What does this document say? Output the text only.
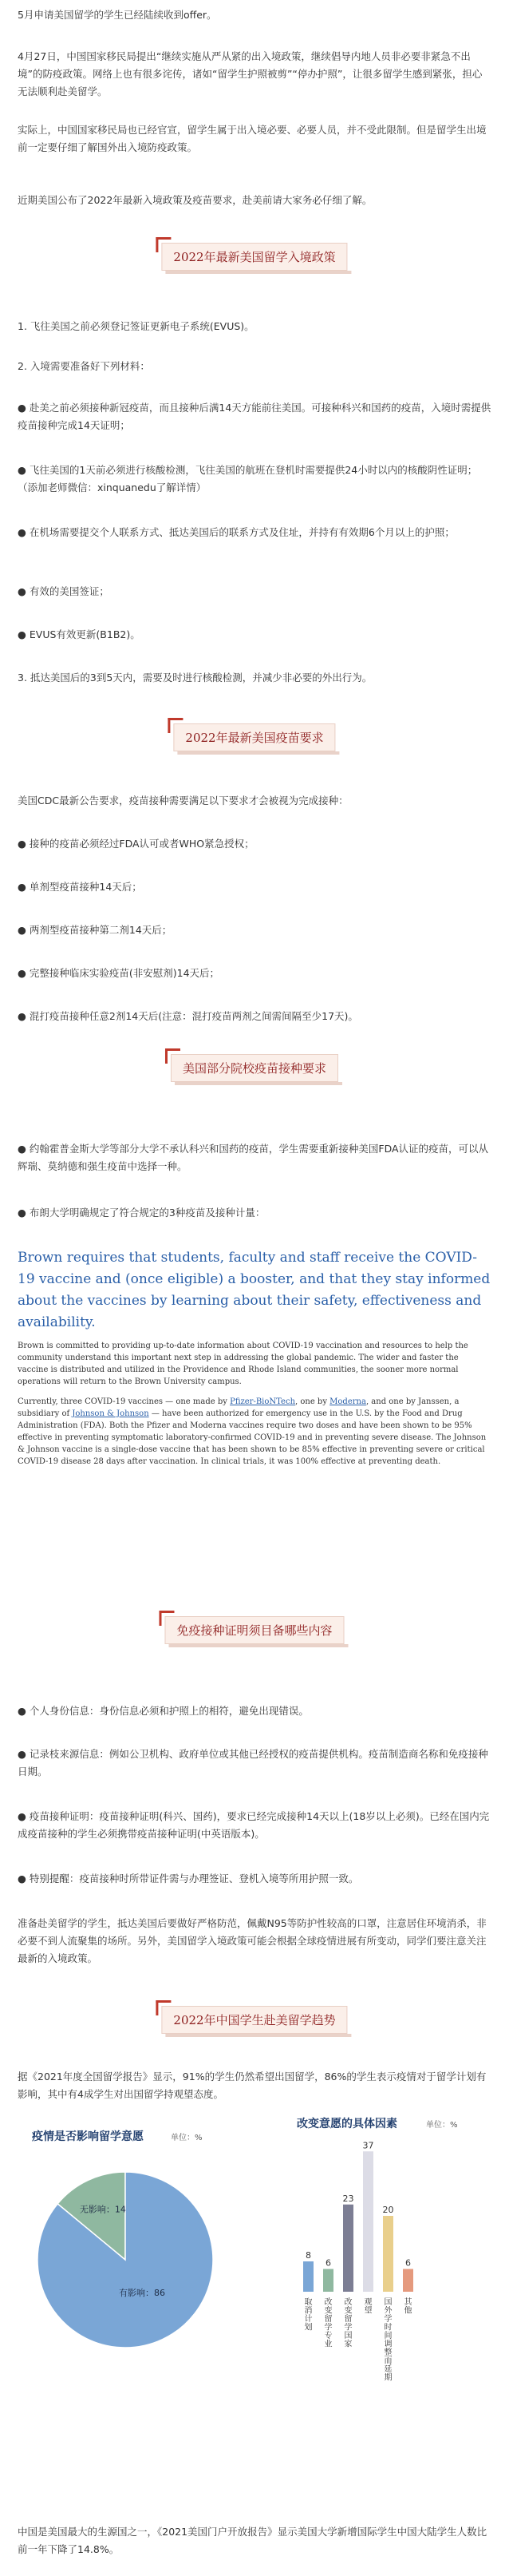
5月申请美国留学的学生已经陆续收到offer。

4月27日，中国国家移民局提出“继续实施从严从紧的出入境政策，继续倡导内地人员非必要非紧急不出境”的防疫政策。网络上也有很多诧传，诸如“留学生护照被剪”“停办护照”，让很多留学生感到紧张，担心无法顺利赴美留学。

实际上，中国国家移民局也已经官宣，留学生属于出入境必要、必要人员，并不受此限制。但是留学生出境前一定要仔细了解国外出入境防疫政策。

近期美国公布了2022年最新入境政策及疫苗要求，赴美前请大家务必仔细了解。

2022年最新美国留学入境政策

1. 飞往美国之前必须登记签证更新电子系统(EVUS)。

2. 入境需要准备好下列材料：

● 赴美之前必须接种新冠疫苗，而且接种后满14天方能前往美国。可接种科兴和国药的疫苗，入境时需提供疫苗接种完成14天证明；

● 飞往美国的1天前必须进行核酸检测，飞往美国的航班在登机时需要提供24小时以内的核酸阴性证明；（添加老师微信：xinquanedu了解详情）

● 在机场需要提交个人联系方式、抵达美国后的联系方式及住址，并持有有效期6个月以上的护照；

● 有效的美国签证；

● EVUS有效更新(B1B2)。

3. 抵达美国后的3到5天内，需要及时进行核酸检测，并减少非必要的外出行为。

2022年最新美国疫苗要求

美国CDC最新公告要求，疫苗接种需要满足以下要求才会被视为完成接种：

● 接种的疫苗必须经过FDA认可或者WHO紧急授权；

● 单剂型疫苗接种14天后；

● 两剂型疫苗接种第二剂14天后；

● 完整接种临床实验疫苗(非安慰剂)14天后；

● 混打疫苗接种任意2剂14天后(注意：混打疫苗两剂之间需间隔至少17天)。

美国部分院校疫苗接种要求

● 约翰霍普金斯大学等部分大学不承认科兴和国药的疫苗，学生需要重新接种美国FDA认证的疫苗，可以从辉瑞、莫纳德和强生疫苗中选择一种。

● 布朗大学明确规定了符合规定的3种疫苗及接种计量：

Brown requires that students, faculty and staff receive the COVID-19 vaccine and (once eligible) a booster, and that they stay informed about the vaccines by learning about their safety, effectiveness and availability.

Brown is committed to providing up-to-date information about COVID-19 vaccination and resources to help the community understand this important next step in addressing the global pandemic. The wider and faster the vaccine is distributed and utilized in the Providence and Rhode Island communities, the sooner more normal operations will return to the Brown University campus.

Currently, three COVID-19 vaccines — one made by Pfizer-BioNTech, one by Moderna, and one by Janssen, a subsidiary of Johnson & Johnson — have been authorized for emergency use in the U.S. by the Food and Drug Administration (FDA). Both the Pfizer and Moderna vaccines require two doses and have been shown to be 95% effective in preventing symptomatic laboratory-confirmed COVID-19 and in preventing severe disease. The Johnson & Johnson vaccine is a single-dose vaccine that has been shown to be 85% effective in preventing severe or critical COVID-19 disease 28 days after vaccination. In clinical trials, it was 100% effective at preventing death.

免疫接种证明须目备哪些内容

● 个人身份信息：身份信息必须和护照上的相符，避免出现错误。

● 记录枝来源信息：例如公卫机构、政府单位或其他已经授权的疫苗提供机构。疫苗制造商名称和免疫接种日期。

● 疫苗接种证明：疫苗接种证明(科兴、国药)，要求已经完成接种14天以上(18岁以上必须)。已经在国内完成疫苗接种的学生必须携带疫苗接种证明(中英语版本)。

● 特别提醒：疫苗接种时所带证件需与办理签证、登机入境等所用护照一致。

准备赴美留学的学生，抵达美国后要做好严格防范，佩戴N95等防护性较高的口罩，注意居住环境消杀，非必要不到人流聚集的场所。另外，美国留学入境政策可能会根据全球疫情进展有所变动，同学们要注意关注最新的入境政策。

2022年中国学生赴美留学趋势

据《2021年度全国留学报告》显示，91%的学生仍然希望出国留学，86%的学生表示疫情对于留学计划有影响，其中有4成学生对出国留学持观望态度。

疫情是否影响留学意愿	单位：%
无影响：14
有影响：86
改变意愿的具体因素	单位：%
8
取消计划
6
改变留学专业
23
改变留学国家
37
观望
20
国外学时间调整而延期
6
其他

中国是美国最大的生源国之一，《2021美国门户开放报告》显示美国大学新增国际学生中国大陆学生人数比前一年下降了14.8%。
